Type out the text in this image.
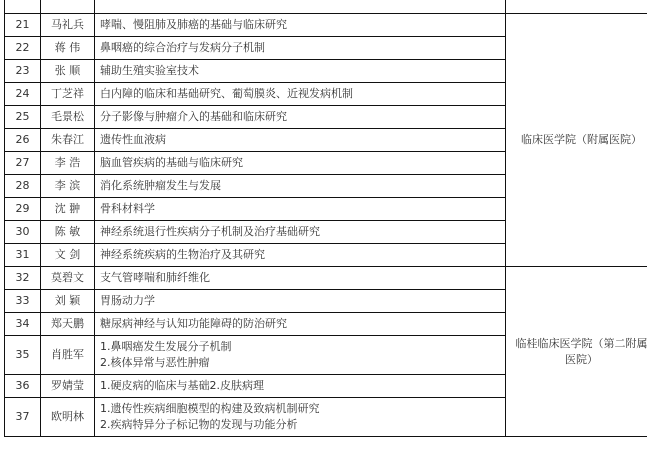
21	马礼兵	哮喘、慢阻肺及肺癌的基础与临床研究	临床医学院（附属医院）
22	蒋 伟	鼻咽癌的综合治疗与发病分子机制	

23	张 顺	辅助生殖实验室技术	

24	丁芝祥	白内障的临床和基础研究、葡萄膜炎、近视发病机制	

25	毛景松	分子影像与肿瘤介入的基础和临床研究	

26	朱春江	遗传性血液病	

27	李 浩	脑血管疾病的基础与临床研究	

28	李 滨	消化系统肿瘤发生与发展	

29	沈 翀	骨科材料学	

30	陈 敏	神经系统退行性疾病分子机制及治疗基础研究	

31	文 剑	神经系统疾病的生物治疗及其研究	

32	莫碧文	支气管哮喘和肺纤维化	临桂临床医学院（第二附属医院）
33	刘 颖	胃肠动力学	

34	郑天鹏	糖尿病神经与认知功能障碍的防治研究	

35	肖胜军	1.鼻咽癌发生发展分子机制
2.核体异常与恶性肿瘤	

36	罗婧莹	1.硬皮病的临床与基础2.皮肤病理	

37	欧明林	1.遗传性疾病细胞模型的构建及致病机制研究
2.疾病特异分子标记物的发现与功能分析	
